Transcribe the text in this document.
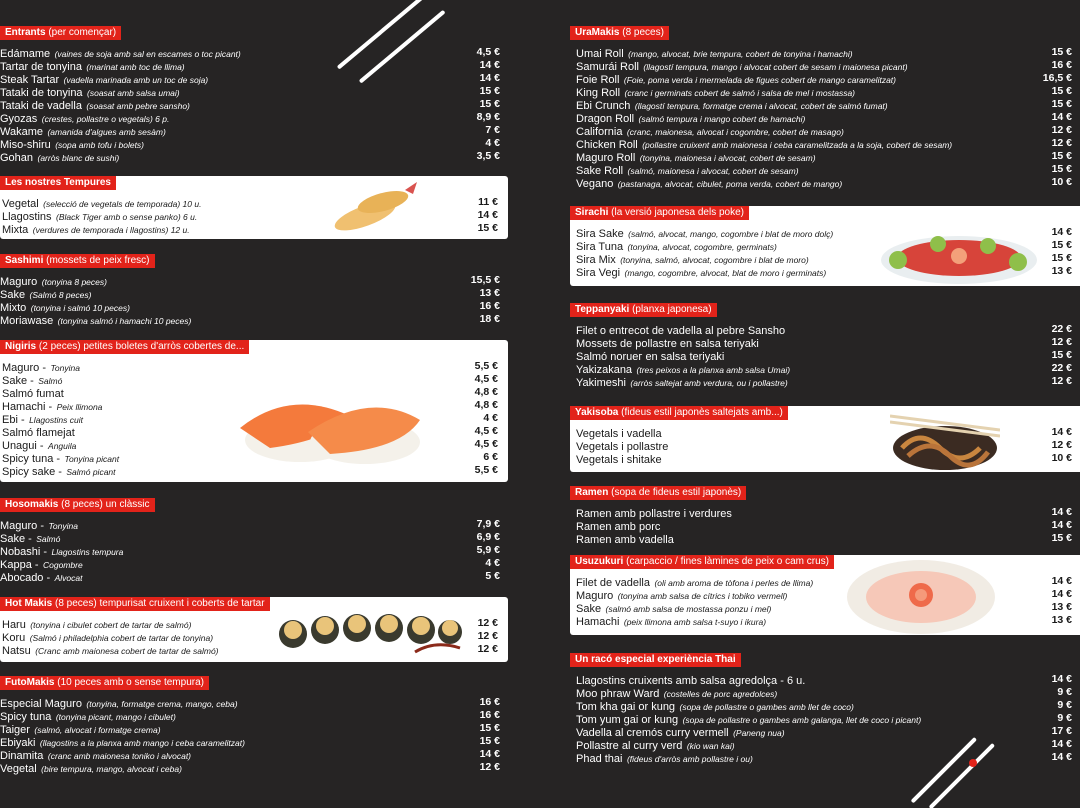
Entrants (per començar)
Edámame (vaines de soja amb sal en escames o toc picant)	4,5 €
Tartar de tonyina (marinat amb toc de llima)	14 €
Steak Tartar (vadella marinada amb un toc de soja)	14 €
Tataki de tonyina (soasat amb salsa umai)	15 €
Tataki de vadella (soasat amb pebre sansho)	15 €
Gyozas (crestes, pollastre o vegetals) 6 p.	8,9 €
Wakame (amanida d'algues amb sesàm)	7 €
Miso-shiru (sopa amb tofu i bolets)	4 €
Gohan (arròs blanc de sushi)	3,5 €
Les nostres Tempures
Vegetal (selecció de vegetals de temporada) 10 u.	11 €
Llagostins (Black Tiger amb o sense panko) 6 u.	14 €
Mixta (verdures de temporada i llagostins) 12 u.	15 €
Sashimi (mossets de peix fresc)
Maguro (tonyina 8 peces)	15,5 €
Sake (Salmó 8 peces)	13 €
Mixto (tonyina i salmó 10 peces)	16 €
Moriawase (tonyina salmó i hamachi 10 peces)	18 €
Nigiris (2 peces) petites boletes d'arròs cobertes de...
Maguro - Tonyina	5,5 €
Sake - Salmó	4,5 €
Salmó fumat	4,8 €
Hamachi - Peix llimona	4,8 €
Ebi - Llagostins cuit	4 €
Salmó flamejat	4,5 €
Unagui - Anguila	4,5 €
Spicy tuna - Tonyina picant	6 €
Spicy sake - Salmó picant	5,5 €
Hosomakis (8 peces) un clàssic
Maguro - Tonyina	7,9 €
Sake - Salmó	6,9 €
Nobashi - Llagostins tempura	5,9 €
Kappa - Cogombre	4 €
Abocado - Alvocat	5 €
Hot Makis (8 peces) tempurisat cruixent i coberts de tartar
Haru (tonyina i cibulet cobert de tartar de salmó)	12 €
Koru (Salmó i philadelphia cobert de tartar de tonyina)	12 €
Natsu (Cranc amb maionesa cobert de tartar de salmó)	12 €
FutoMakis (10 peces amb o sense tempura)
Especial Maguro (tonyina, formatge crema, mango, ceba)	16 €
Spicy tuna (tonyina picant, mango i cibulet)	16 €
Taiger (salmó, alvocat i formatge crema)	15 €
Ebiyaki (llagostins a la planxa amb mango i ceba caramelitzat)	15 €
Dinamita (cranc amb maionesa toniko i alvocat)	14 €
Vegetal (bire tempura, mango, alvocat i ceba)	12 €
UraMakis (8 peces)
Umai Roll (mango, alvocat, brie tempura, cobert de tonyina i hamachi)	15 €
Samurái Roll (llagostí tempura, mango i alvocat cobert de sesam i maionesa picant)	16 €
Foie Roll (Foie, poma verda i mermelada de figues cobert de mango caramelitzat)	16,5 €
King Roll (cranc i germinats cobert de salmó i salsa de mel i mostassa)	15 €
Ebi Crunch (llagostí tempura, formatge crema i alvocat, cobert de salmó fumat)	15 €
Dragon Roll (salmó tempura i mango cobert de hamachi)	14 €
California (cranc, maionesa, alvocat i cogombre, cobert de masago)	12 €
Chicken Roll (pollastre cruixent amb maionesa i ceba caramelitzada a la soja, cobert de sesam)	12 €
Maguro Roll (tonyina, maionesa i alvocat, cobert de sesam)	15 €
Sake Roll (salmó, maionesa i alvocat, cobert de sesam)	15 €
Vegano (pastanaga, alvocat, cibulet, poma verda, cobert de mango)	10 €
Sirachi (la versió japonesa dels poke)
Sira Sake (salmó, alvocat, mango, cogombre i blat de moro dolç)	14 €
Sira Tuna (tonyina, alvocat, cogombre, germinats)	15 €
Sira Mix (tonyina, salmó, alvocat, cogombre i blat de moro)	15 €
Sira Vegi (mango, cogombre, alvocat, blat de moro i germinats)	13 €
Teppanyaki (planxa japonesa)
Filet o entrecot de vadella al pebre Sansho	22 €
Mossets de pollastre en salsa teriyaki	12 €
Salmó noruег en salsa teriyaki	15 €
Yakizakana (tres peixos a la planxa amb salsa Umai)	22 €
Yakimeshi (arròs saltejat amb verdura, ou i pollastre)	12 €
Yakisoba (fideus estil japonès saltejats amb...)
Vegetals i vadella	14 €
Vegetals i pollastre	12 €
Vegetals i shitake	10 €
Ramen (sopa de fideus estil japonès)
Ramen amb pollastre i verdures	14 €
Ramen amb porc	14 €
Ramen amb vadella	15 €
Usuzukuri (carpaccio / fines làmines de peix o cam crus)
Filet de vadella (oli amb aroma de tòfona i perles de llima)	14 €
Maguro (tonyina amb salsa de cítrics i tobiko vermell)	14 €
Sake (salmó amb salsa de mostassa ponzu i mel)	13 €
Hamachi (peix llimona amb salsa t-suyo i ikura)	13 €
Un racó especial experiència Thai
Llagostins cruixents amb salsa agredolça - 6 u.	14 €
Moo phraw Ward (costelles de porc agredolces)	9 €
Tom kha gai or kung (sopa de pollastre o gambes amb llet de coco)	9 €
Tom yum gai or kung (sopa de pollastre o gambes amb galanga, llet de coco i picant)	9 €
Vadella al cremós curry vermell (Paneng nua)	17 €
Pollastre al curry verd (kio wan kai)	14 €
Phad thai (fideus d'arròs amb pollastre i ou)	14 €
